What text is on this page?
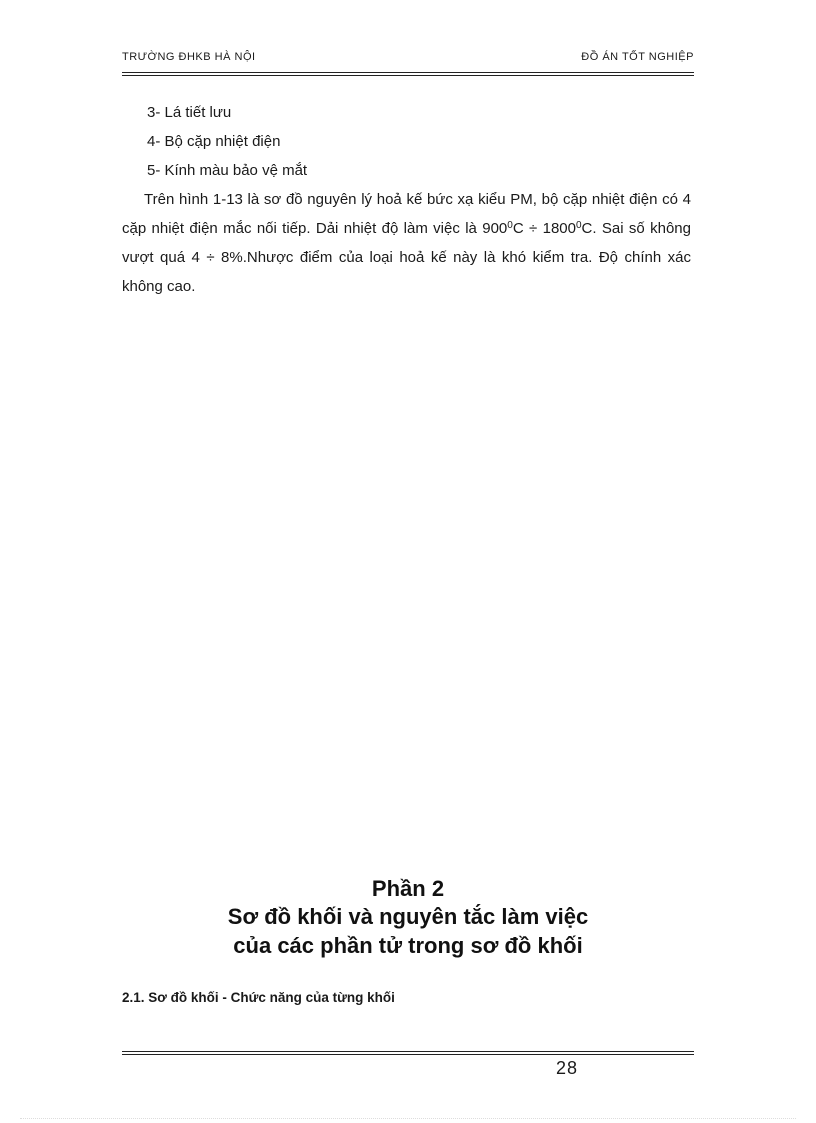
TRƯỜNG ĐHKB HÀ NỘI	ĐỒ ÁN TỐT NGHIỆP
3- Lá tiết lưu
4- Bộ cặp nhiệt điện
5- Kính màu bảo vệ mắt
Trên hình 1-13 là sơ đồ nguyên lý hoả kế bức xạ kiểu PM, bộ cặp nhiệt điện có 4 cặp nhiệt điện mắc nối tiếp. Dải nhiệt độ làm việc là $900^0C \div 1800^0C$. Sai số không vượt quá 4 ÷ 8%.Nhược điểm của loại hoả kế này là khó kiểm tra. Độ chính xác không cao.
Phần 2
Sơ đồ khối và nguyên tắc làm việc
của các phần tử trong sơ đồ khối
2.1. Sơ đồ khối - Chức năng của từng khối
28
